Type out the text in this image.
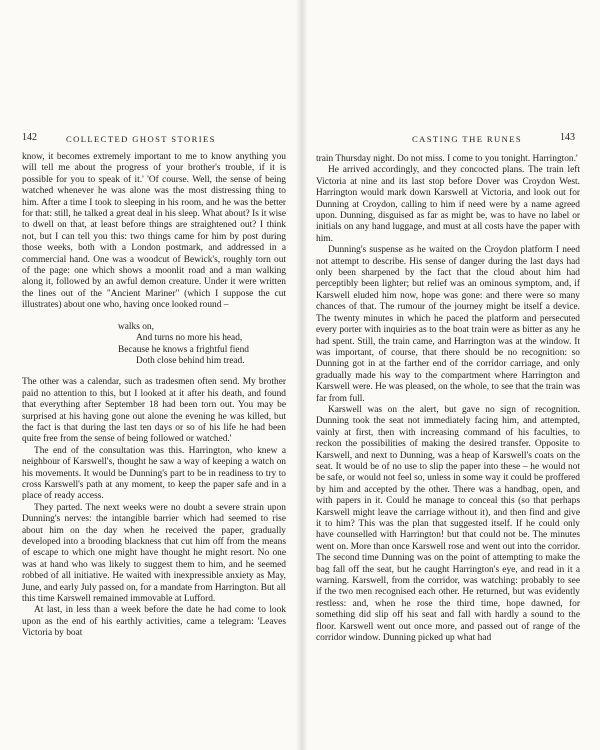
142	COLLECTED GHOST STORIES

know, it becomes extremely important to me to know anything you will tell me about the progress of your brother's trouble, if it is possible for you to speak of it.' 'Of course. Well, the sense of being watched whenever he was alone was the most distressing thing to him. After a time I took to sleeping in his room, and he was the better for that: still, he talked a great deal in his sleep. What about? Is it wise to dwell on that, at least before things are straightened out? I think not, but I can tell you this: two things came for him by post during those weeks, both with a London postmark, and addressed in a commercial hand. One was a woodcut of Bewick's, roughly torn out of the page: one which shows a moonlit road and a man walking along it, followed by an awful demon creature. Under it were written the lines out of the "Ancient Mariner" (which I suppose the cut illustrates) about one who, having once looked round –

walks on,
And turns no more his head,
Because he knows a frightful fiend
Doth close behind him tread.

The other was a calendar, such as tradesmen often send. My brother paid no attention to this, but I looked at it after his death, and found that everything after September 18 had been torn out. You may be surprised at his having gone out alone the evening he was killed, but the fact is that during the last ten days or so of his life he had been quite free from the sense of being followed or watched.'

The end of the consultation was this. Harrington, who knew a neighbour of Karswell's, thought he saw a way of keeping a watch on his movements. It would be Dunning's part to be in readiness to try to cross Karswell's path at any moment, to keep the paper safe and in a place of ready access.

They parted. The next weeks were no doubt a severe strain upon Dunning's nerves: the intangible barrier which had seemed to rise about him on the day when he received the paper, gradually developed into a brooding blackness that cut him off from the means of escape to which one might have thought he might resort. No one was at hand who was likely to suggest them to him, and he seemed robbed of all initiative. He waited with inexpressible anxiety as May, June, and early July passed on, for a mandate from Harrington. But all this time Karswell remained immovable at Lufford.

At last, in less than a week before the date he had come to look upon as the end of his earthly activities, came a telegram: 'Leaves Victoria by boat

CASTING THE RUNES	143

train Thursday night. Do not miss. I come to you tonight. Harrington.'

He arrived accordingly, and they concocted plans. The train left Victoria at nine and its last stop before Dover was Croydon West. Harrington would mark down Karswell at Victoria, and look out for Dunning at Croydon, calling to him if need were by a name agreed upon. Dunning, disguised as far as might be, was to have no label or initials on any hand luggage, and must at all costs have the paper with him.

Dunning's suspense as he waited on the Croydon platform I need not attempt to describe. His sense of danger during the last days had only been sharpened by the fact that the cloud about him had perceptibly been lighter; but relief was an ominous symptom, and, if Karswell eluded him now, hope was gone: and there were so many chances of that. The rumour of the journey might be itself a device. The twenty minutes in which he paced the platform and persecuted every porter with inquiries as to the boat train were as bitter as any he had spent. Still, the train came, and Harrington was at the window. It was important, of course, that there should be no recognition: so Dunning got in at the farther end of the corridor carriage, and only gradually made his way to the compartment where Harrington and Karswell were. He was pleased, on the whole, to see that the train was far from full.

Karswell was on the alert, but gave no sign of recognition. Dunning took the seat not immediately facing him, and attempted, vainly at first, then with increasing command of his faculties, to reckon the possibilities of making the desired transfer. Opposite to Karswell, and next to Dunning, was a heap of Karswell's coats on the seat. It would be of no use to slip the paper into these – he would not be safe, or would not feel so, unless in some way it could be proffered by him and accepted by the other. There was a handbag, open, and with papers in it. Could he manage to conceal this (so that perhaps Karswell might leave the carriage without it), and then find and give it to him? This was the plan that suggested itself. If he could only have counselled with Harrington! but that could not be. The minutes went on. More than once Karswell rose and went out into the corridor. The second time Dunning was on the point of attempting to make the bag fall off the seat, but he caught Harrington's eye, and read in it a warning. Karswell, from the corridor, was watching: probably to see if the two men recognised each other. He returned, but was evidently restless: and, when he rose the third time, hope dawned, for something did slip off his seat and fall with hardly a sound to the floor. Karswell went out once more, and passed out of range of the corridor window. Dunning picked up what had
